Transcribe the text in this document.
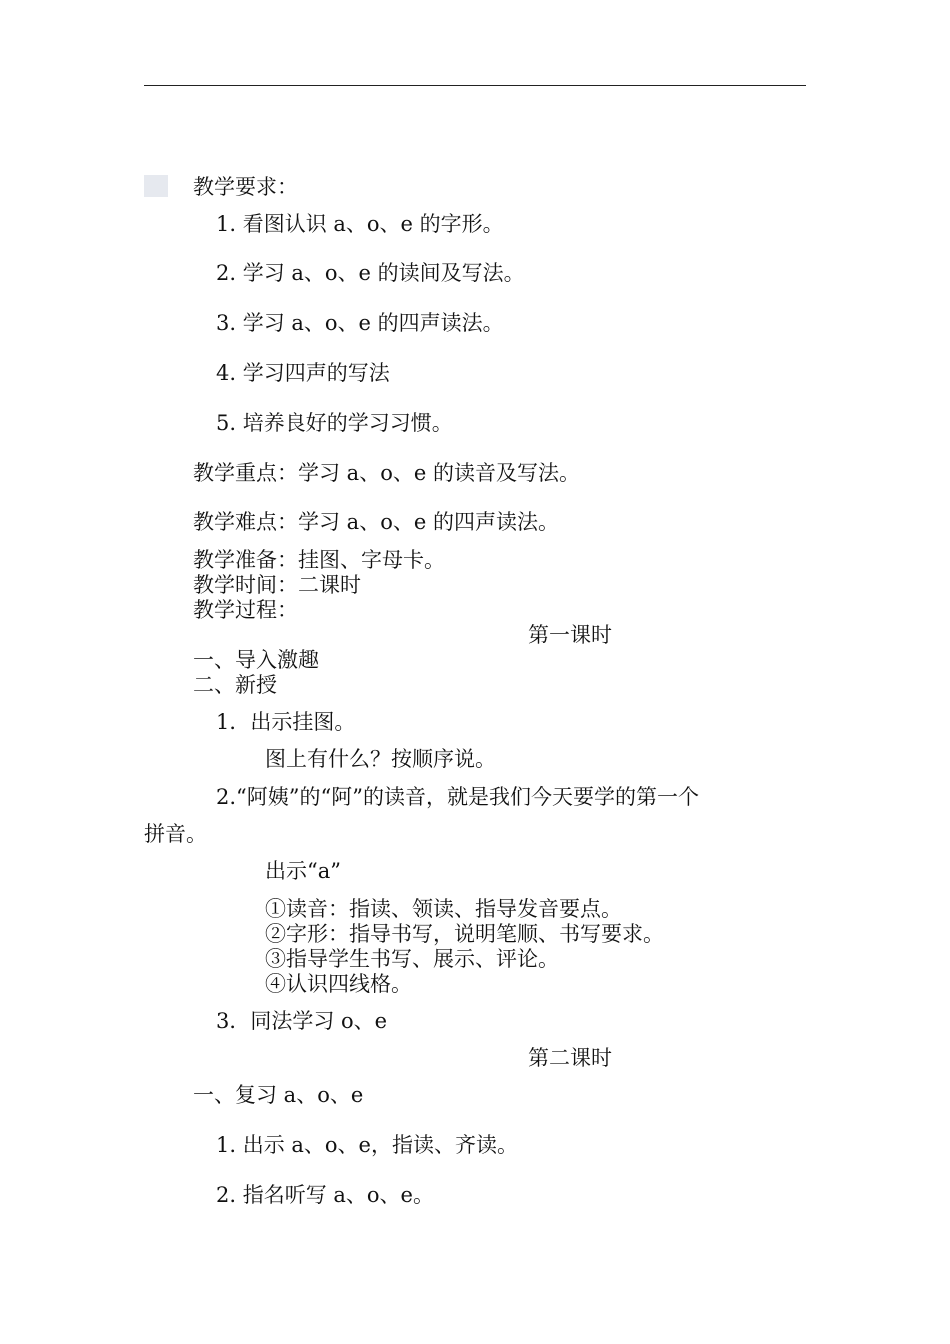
教学要求：
1. 看图认识 a、o、e 的字形。
2. 学习 a、o、e 的读间及写法。
3. 学习 a、o、e 的四声读法。
4. 学习四声的写法
5. 培养良好的学习习惯。
教学重点：学习 a、o、e 的读音及写法。
教学难点：学习 a、o、e 的四声读法。
教学准备：挂图、字母卡。
教学时间：二课时
教学过程：
第一课时
一、导入激趣
二、新授
1．出示挂图。
图上有什么？按顺序说。
2.“阿姨”的“阿”的读音，就是我们今天要学的第一个
拼音。
出示“a”
①读音：指读、领读、指导发音要点。
②字形：指导书写，说明笔顺、书写要求。
③指导学生书写、展示、评论。
④认识四线格。
3．同法学习 o、e
第二课时
一、复习 a、o、e
1. 出示 a、o、e，指读、齐读。
2. 指名听写 a、o、e。
